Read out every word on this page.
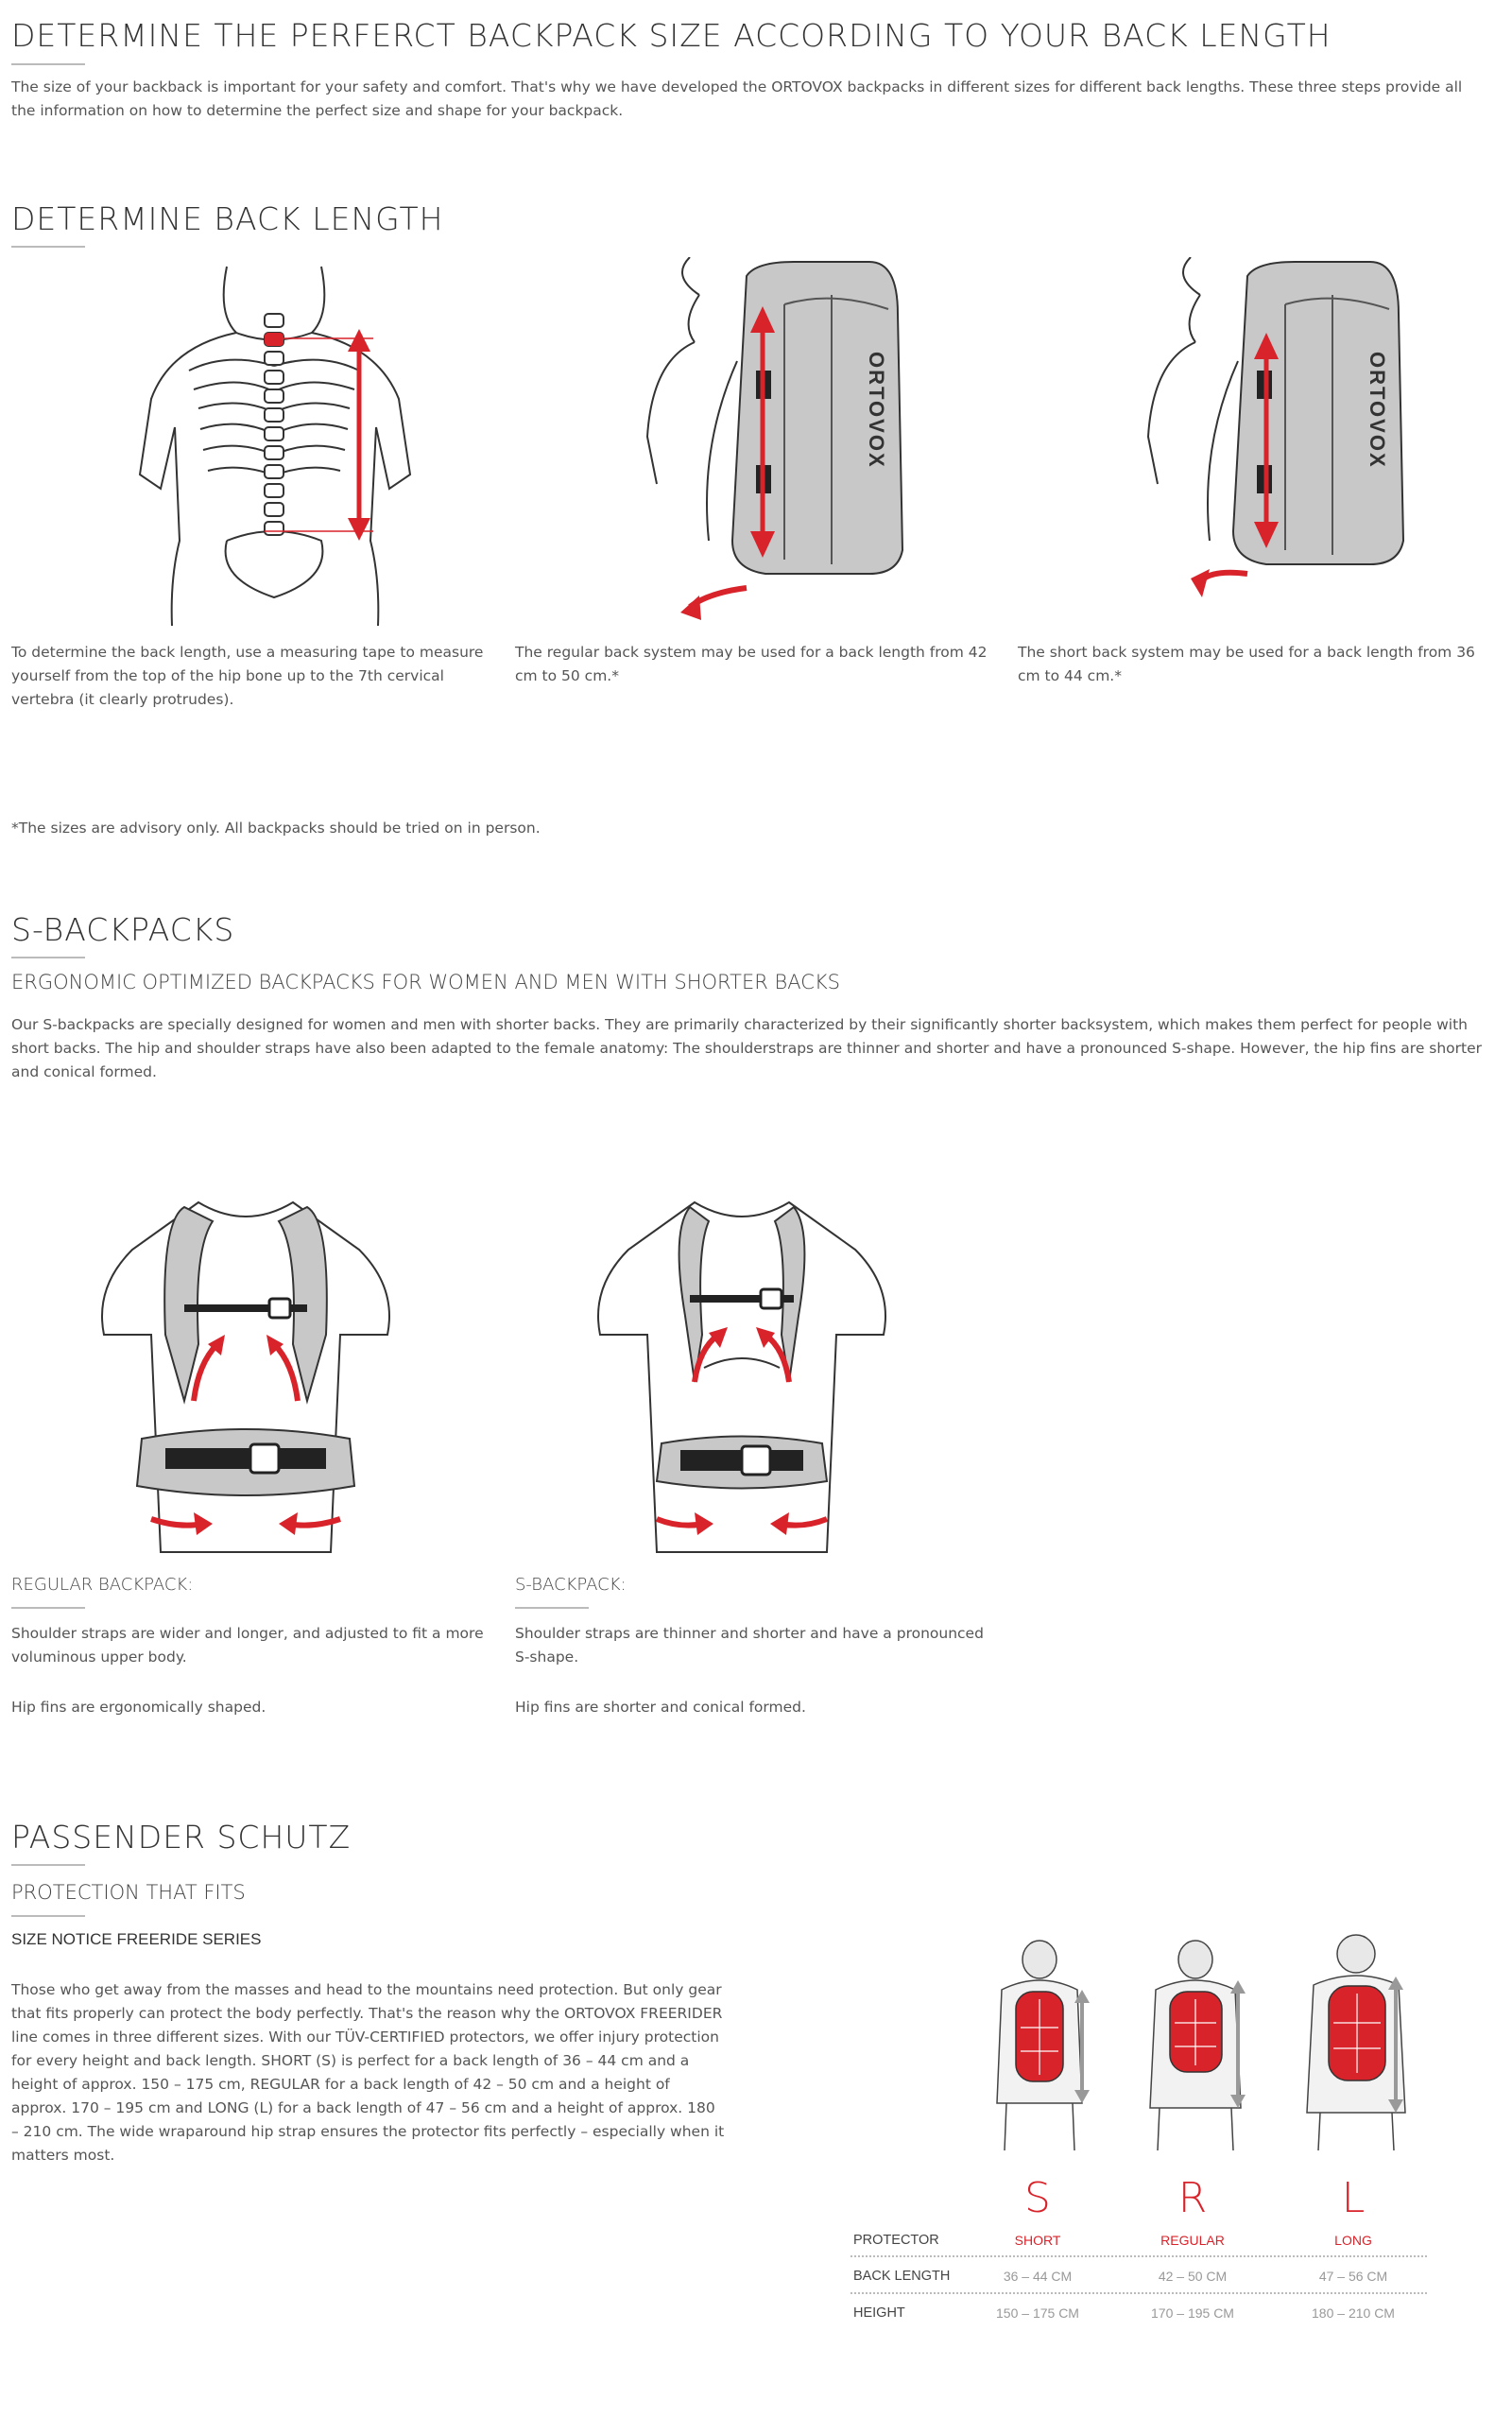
DETERMINE THE PERFERCT BACKPACK SIZE ACCORDING TO YOUR BACK LENGTH

The size of your backback is important for your safety and comfort. That's why we have developed the ORTOVOX backpacks in different sizes for different back lengths. These three steps provide all the information on how to determine the perfect size and shape for your backpack.

DETERMINE BACK LENGTH
ORTOVOX	ORTOVOX

To determine the back length, use a measuring tape to measure yourself from the top of the hip bone up to the 7th cervical vertebra (it clearly protrudes).

The regular back system may be used for a back length from 42 cm to 50 cm.*

The short back system may be used for a back length from 36 cm to 44 cm.*

*The sizes are advisory only. All backpacks should be tried on in person.

S-BACKPACKS
ERGONOMIC OPTIMIZED BACKPACKS FOR WOMEN AND MEN WITH SHORTER BACKS

Our S-backpacks are specially designed for women and men with shorter backs. They are primarily characterized by their significantly shorter backsystem, which makes them perfect for people with short backs. The hip and shoulder straps have also been adapted to the female anatomy: The shoulderstraps are thinner and shorter and have a pronounced S-shape. However, the hip fins are shorter and conical formed.

REGULAR BACKPACK:

Shoulder straps are wider and longer, and adjusted to fit a more voluminous upper body.

Hip fins are ergonomically shaped.

S-BACKPACK:

Shoulder straps are thinner and shorter and have a pronounced S-shape.

Hip fins are shorter and conical formed.

PASSENDER SCHUTZ
PROTECTION THAT FITS
SIZE NOTICE FREERIDE SERIES

Those who get away from the masses and head to the mountains need protection. But only gear that fits properly can protect the body perfectly. That's the reason why the ORTOVOX FREERIDER line comes in three different sizes. With our TÜV-CERTIFIED protectors, we offer injury protection for every height and back length. SHORT (S) is perfect for a back length of 36 – 44 cm and a height of approx. 150 – 175 cm, REGULAR for a back length of 42 – 50 cm and a height of approx. 170 – 195 cm and LONG (L) for a back length of 47 – 56 cm and a height of approx. 180 – 210 cm. The wide wraparound hip strap ensures the protector fits perfectly – especially when it matters most.

S	R	L
PROTECTOR	SHORT	REGULAR	LONG
BACK LENGTH	36 – 44 CM	42 – 50 CM	47 – 56 CM
HEIGHT	150 – 175 CM	170 – 195 CM	180 – 210 CM
